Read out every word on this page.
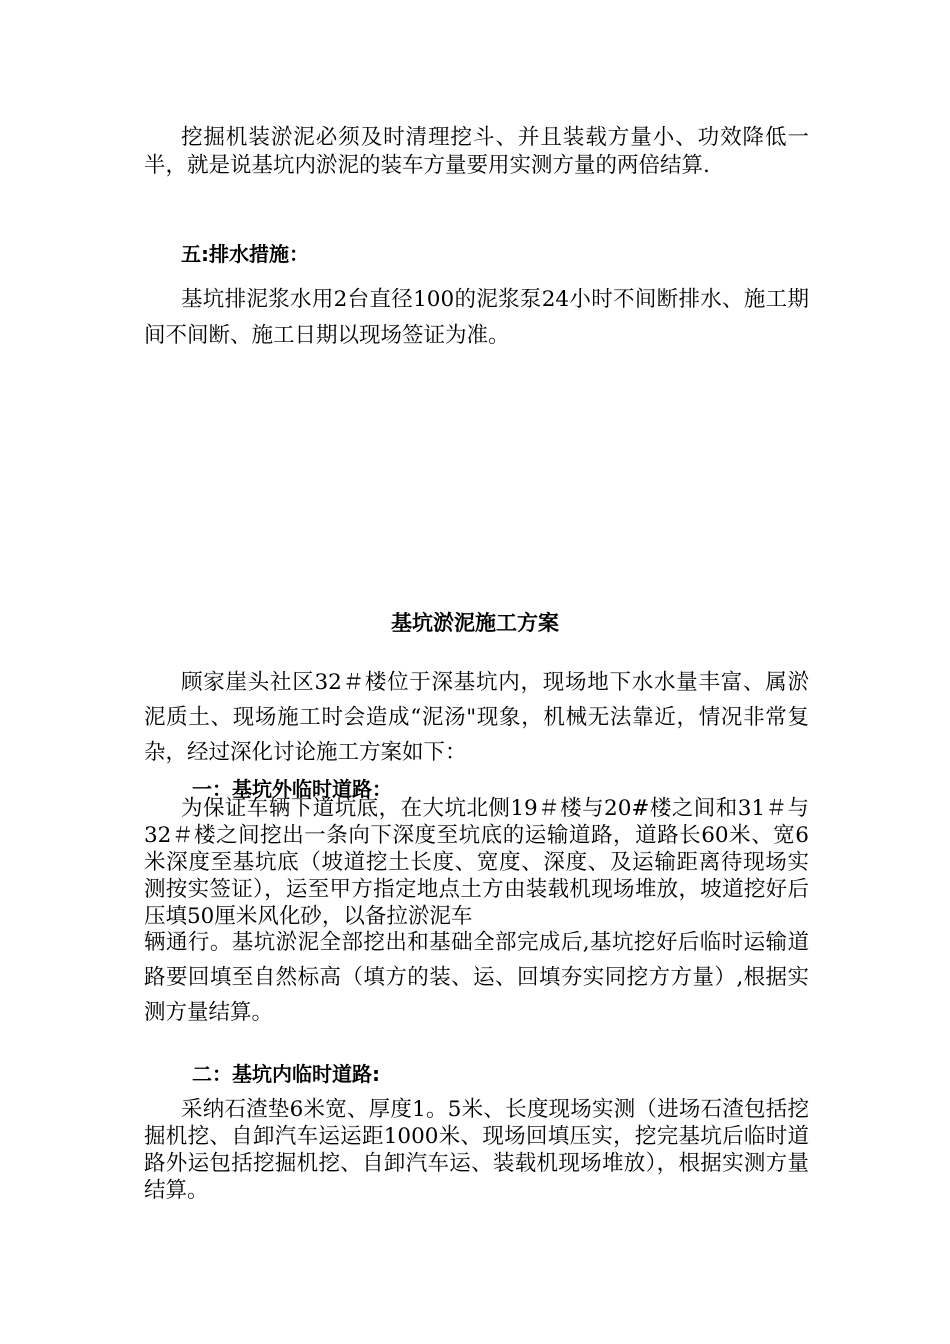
挖掘机装淤泥必须及时清理挖斗、并且装载方量小、功效降低一半，就是说基坑内淤泥的装车方量要用实测方量的两倍结算.

五:排水措施：

基坑排泥浆水用2台直径100的泥浆泵24小时不间断排水、施工期间不间断、施工日期以现场签证为准。

基坑淤泥施工方案

顾家崖头社区32＃楼位于深基坑内，现场地下水水量丰富、属淤泥质土、现场施工时会造成“泥汤"现象，机械无法靠近，情况非常复杂，经过深化讨论施工方案如下：

一：基坑外临时道路：

为保证车辆下道坑底，在大坑北侧19＃楼与20#楼之间和31＃与32＃楼之间挖出一条向下深度至坑底的运输道路，道路长60米、宽6米深度至基坑底（坡道挖土长度、宽度、深度、及运输距离待现场实测按实签证），运至甲方指定地点土方由装载机现场堆放，坡道挖好后压填50厘米风化砂，以备拉淤泥车

辆通行。基坑淤泥全部挖出和基础全部完成后,基坑挖好后临时运输道路要回填至自然标高（填方的装、运、回填夯实同挖方方量）,根据实测方量结算。

二：基坑内临时道路:

采纳石渣垫6米宽、厚度1。5米、长度现场实测（进场石渣包括挖掘机挖、自卸汽车运运距1000米、现场回填压实，挖完基坑后临时道路外运包括挖掘机挖、自卸汽车运、装载机现场堆放），根据实测方量结算。
